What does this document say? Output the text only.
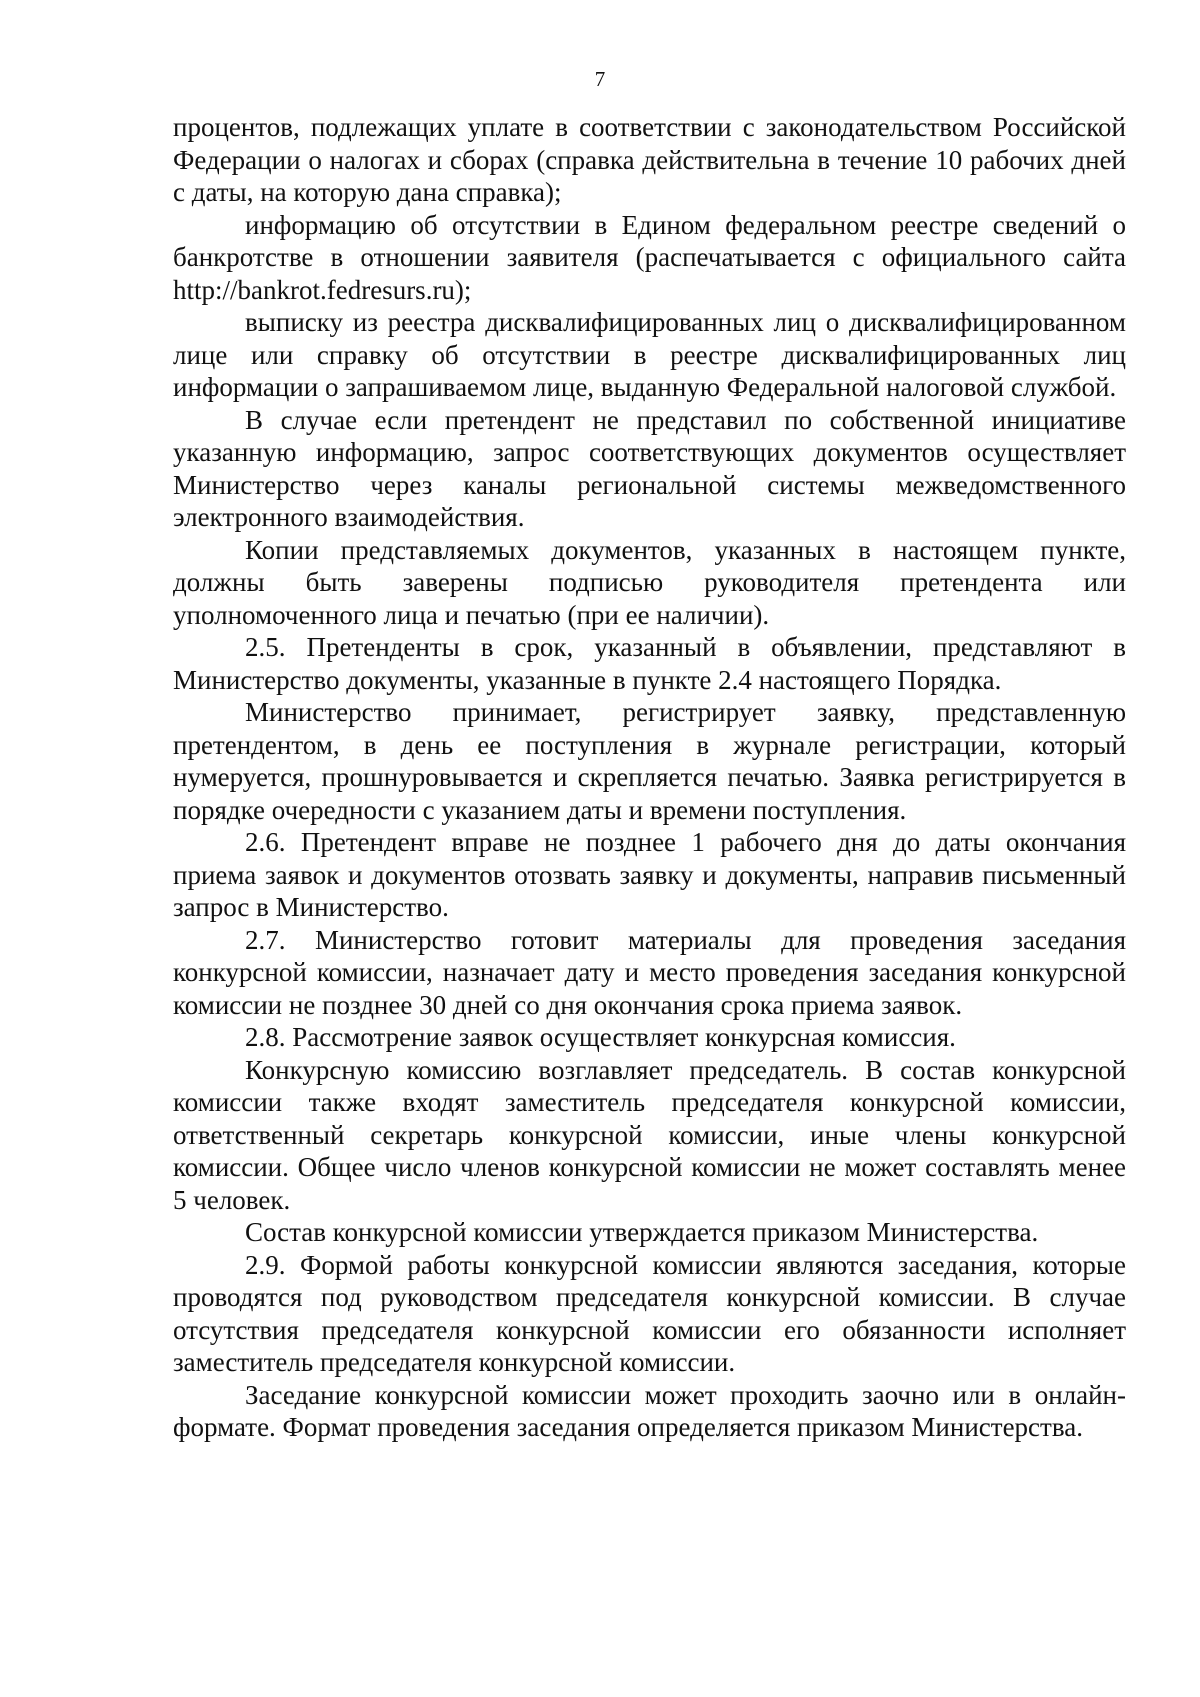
7

процентов, подлежащих уплате в соответствии с законодательством Российской Федерации о налогах и сборах (справка действительна в течение 10 рабочих дней с даты, на которую дана справка);

информацию об отсутствии в Едином федеральном реестре сведений о банкротстве в отношении заявителя (распечатывается с официального сайта http://bankrot.fedresurs.ru);

выписку из реестра дисквалифицированных лиц о дисквалифицированном лице или справку об отсутствии в реестре дисквалифицированных лиц информации о запрашиваемом лице, выданную Федеральной налоговой службой.

В случае если претендент не представил по собственной инициативе указанную информацию, запрос соответствующих документов осуществляет Министерство через каналы региональной системы межведомственного электронного взаимодействия.

Копии представляемых документов, указанных в настоящем пункте, должны быть заверены подписью руководителя претендента или уполномоченного лица и печатью (при ее наличии).

2.5. Претенденты в срок, указанный в объявлении, представляют в Министерство документы, указанные в пункте 2.4 настоящего Порядка.

Министерство принимает, регистрирует заявку, представленную претендентом, в день ее поступления в журнале регистрации, который нумеруется, прошнуровывается и скрепляется печатью. Заявка регистрируется в порядке очередности с указанием даты и времени поступления.

2.6. Претендент вправе не позднее 1 рабочего дня до даты окончания приема заявок и документов отозвать заявку и документы, направив письменный запрос в Министерство.

2.7. Министерство готовит материалы для проведения заседания конкурсной комиссии, назначает дату и место проведения заседания конкурсной комиссии не позднее 30 дней со дня окончания срока приема заявок.

2.8. Рассмотрение заявок осуществляет конкурсная комиссия.

Конкурсную комиссию возглавляет председатель. В состав конкурсной комиссии также входят заместитель председателя конкурсной комиссии, ответственный секретарь конкурсной комиссии, иные члены конкурсной комиссии. Общее число членов конкурсной комиссии не может составлять менее 5 человек.

Состав конкурсной комиссии утверждается приказом Министерства.

2.9. Формой работы конкурсной комиссии являются заседания, которые проводятся под руководством председателя конкурсной комиссии. В случае отсутствия председателя конкурсной комиссии его обязанности исполняет заместитель председателя конкурсной комиссии.

Заседание конкурсной комиссии может проходить заочно или в онлайн-формате. Формат проведения заседания определяется приказом Министерства.
